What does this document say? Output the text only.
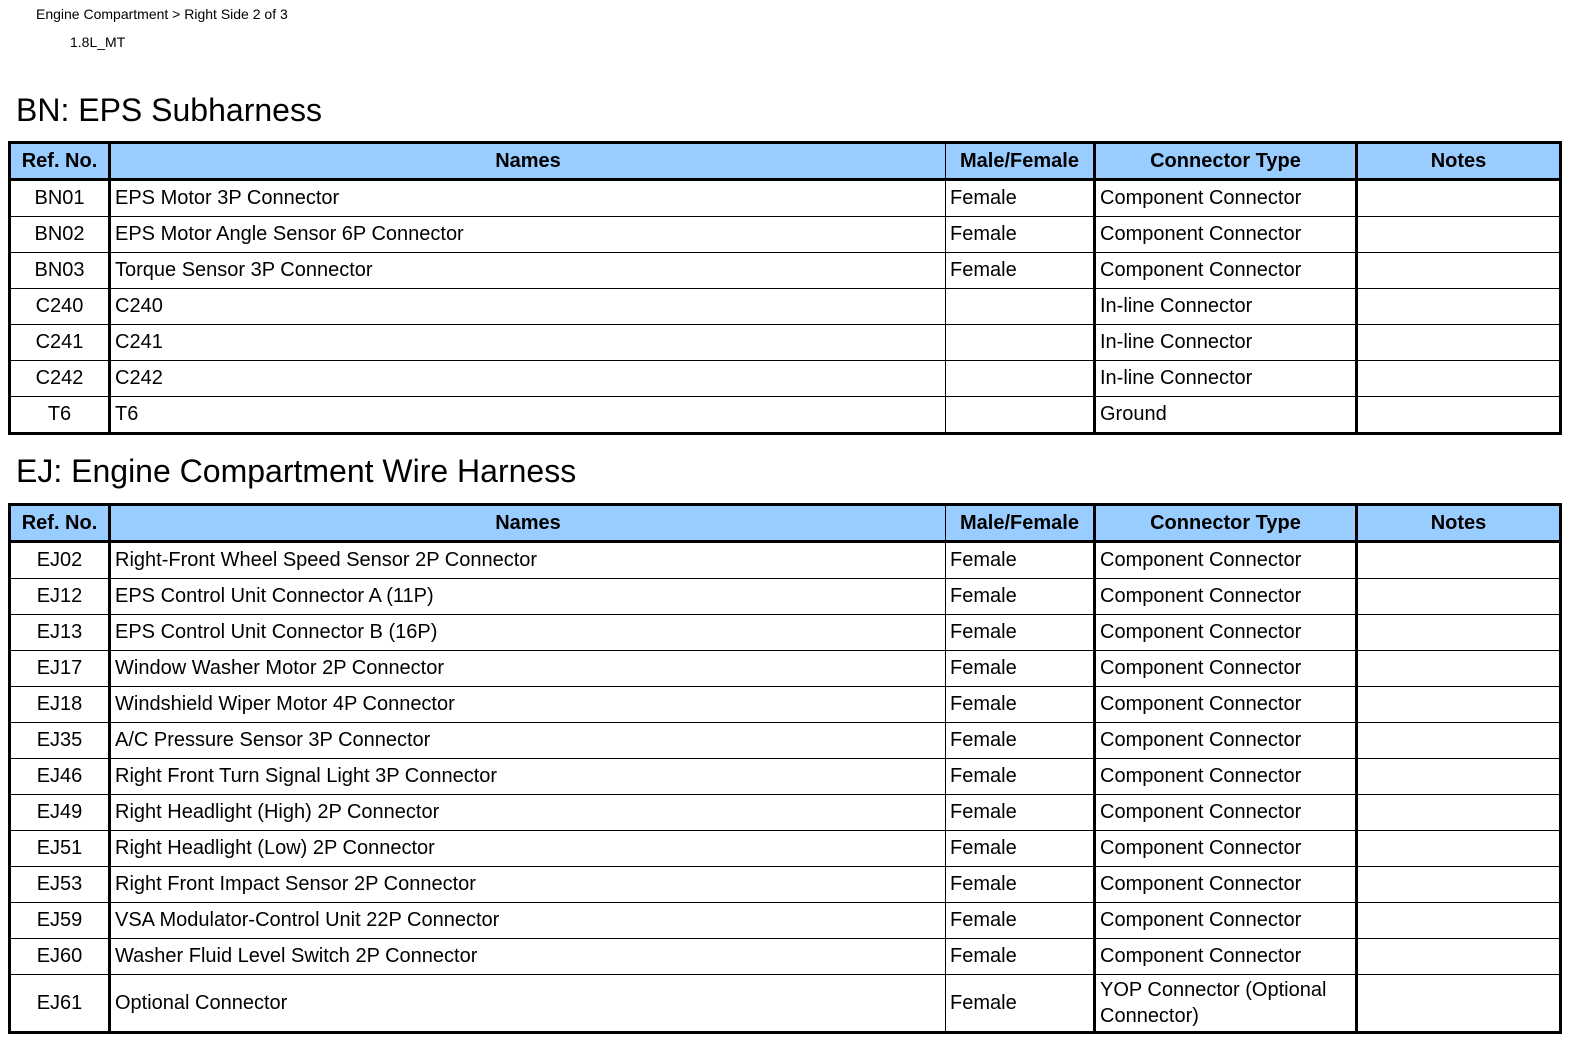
Engine Compartment > Right Side 2 of 3
1.8L_MT
BN: EPS Subharness
Ref. No.	Names	Male/Female	Connector Type	Notes
BN01	EPS Motor 3P Connector	Female	Component Connector	
BN02	EPS Motor Angle Sensor 6P Connector	Female	Component Connector	
BN03	Torque Sensor 3P Connector	Female	Component Connector	
C240	C240		In-line Connector	
C241	C241		In-line Connector	
C242	C242		In-line Connector	
T6	T6		Ground	
EJ: Engine Compartment Wire Harness
Ref. No.	Names	Male/Female	Connector Type	Notes
EJ02	Right-Front Wheel Speed Sensor 2P Connector	Female	Component Connector	
EJ12	EPS Control Unit Connector A (11P)	Female	Component Connector	
EJ13	EPS Control Unit Connector B (16P)	Female	Component Connector	
EJ17	Window Washer Motor 2P Connector	Female	Component Connector	
EJ18	Windshield Wiper Motor 4P Connector	Female	Component Connector	
EJ35	A/C Pressure Sensor 3P Connector	Female	Component Connector	
EJ46	Right Front Turn Signal Light 3P Connector	Female	Component Connector	
EJ49	Right Headlight (High) 2P Connector	Female	Component Connector	
EJ51	Right Headlight (Low) 2P Connector	Female	Component Connector	
EJ53	Right Front Impact Sensor 2P Connector	Female	Component Connector	
EJ59	VSA Modulator-Control Unit 22P Connector	Female	Component Connector	
EJ60	Washer Fluid Level Switch 2P Connector	Female	Component Connector	
EJ61	Optional Connector	Female	YOP Connector (Optional Connector)	
